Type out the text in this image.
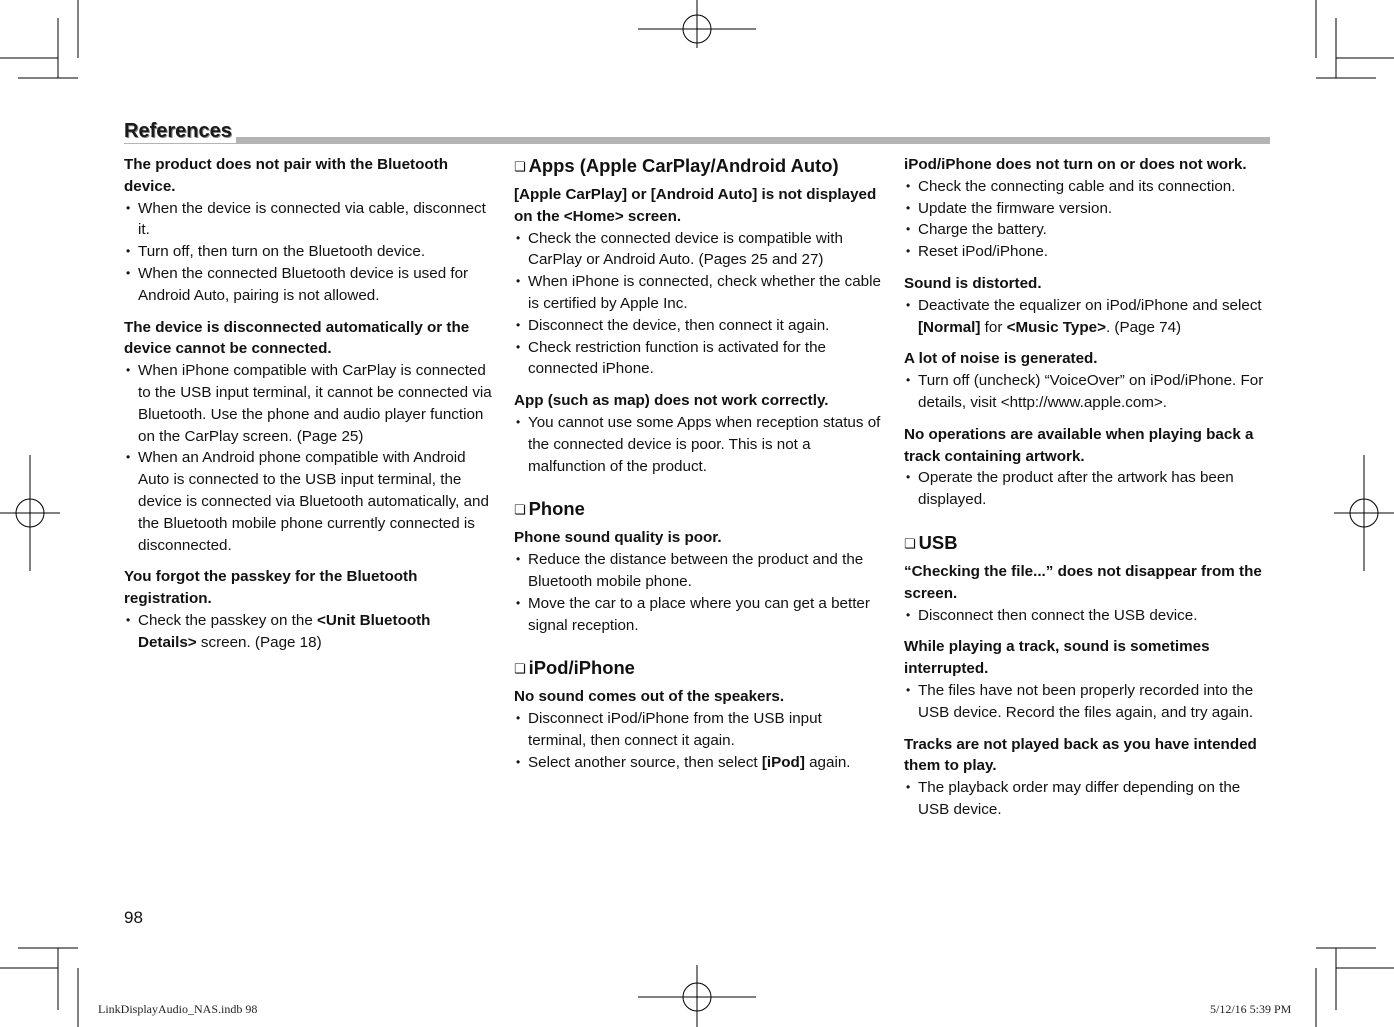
References

The product does not pair with the Bluetooth device.

• When the device is connected via cable, disconnect it.
• Turn off, then turn on the Bluetooth device.
• When the connected Bluetooth device is used for Android Auto, pairing is not allowed.

The device is disconnected automatically or the device cannot be connected.

• When iPhone compatible with CarPlay is connected to the USB input terminal, it cannot be connected via Bluetooth. Use the phone and audio player function on the CarPlay screen. (Page 25)
• When an Android phone compatible with Android Auto is connected to the USB input terminal, the device is connected via Bluetooth automatically, and the Bluetooth mobile phone currently connected is disconnected.

You forgot the passkey for the Bluetooth registration.

• Check the passkey on the <Unit Bluetooth Details> screen. (Page 18)
❏ Apps (Apple CarPlay/Android Auto)

[Apple CarPlay] or [Android Auto] is not displayed on the <Home> screen.

• Check the connected device is compatible with CarPlay or Android Auto. (Pages 25 and 27)
• When iPhone is connected, check whether the cable is certified by Apple Inc.
• Disconnect the device, then connect it again.
• Check restriction function is activated for the connected iPhone.

App (such as map) does not work correctly.

• You cannot use some Apps when reception status of the connected device is poor. This is not a malfunction of the product.
❏ Phone

Phone sound quality is poor.

• Reduce the distance between the product and the Bluetooth mobile phone.
• Move the car to a place where you can get a better signal reception.
❏ iPod/iPhone

No sound comes out of the speakers.

• Disconnect iPod/iPhone from the USB input terminal, then connect it again.
• Select another source, then select [iPod] again.

iPod/iPhone does not turn on or does not work.

• Check the connecting cable and its connection.
• Update the firmware version.
• Charge the battery.
• Reset iPod/iPhone.

Sound is distorted.

• Deactivate the equalizer on iPod/iPhone and select [Normal] for <Music Type>. (Page 74)

A lot of noise is generated.

• Turn off (uncheck) “VoiceOver” on iPod/iPhone. For details, visit <http://www.apple.com>.

No operations are available when playing back a track containing artwork.

• Operate the product after the artwork has been displayed.
❏ USB

“Checking the file...” does not disappear from the screen.

• Disconnect then connect the USB device.

While playing a track, sound is sometimes interrupted.

• The files have not been properly recorded into the USB device. Record the files again, and try again.

Tracks are not played back as you have intended them to play.

• The playback order may differ depending on the USB device.
98
LinkDisplayAudio_NAS.indb 98	5/12/16 5:39 PM
